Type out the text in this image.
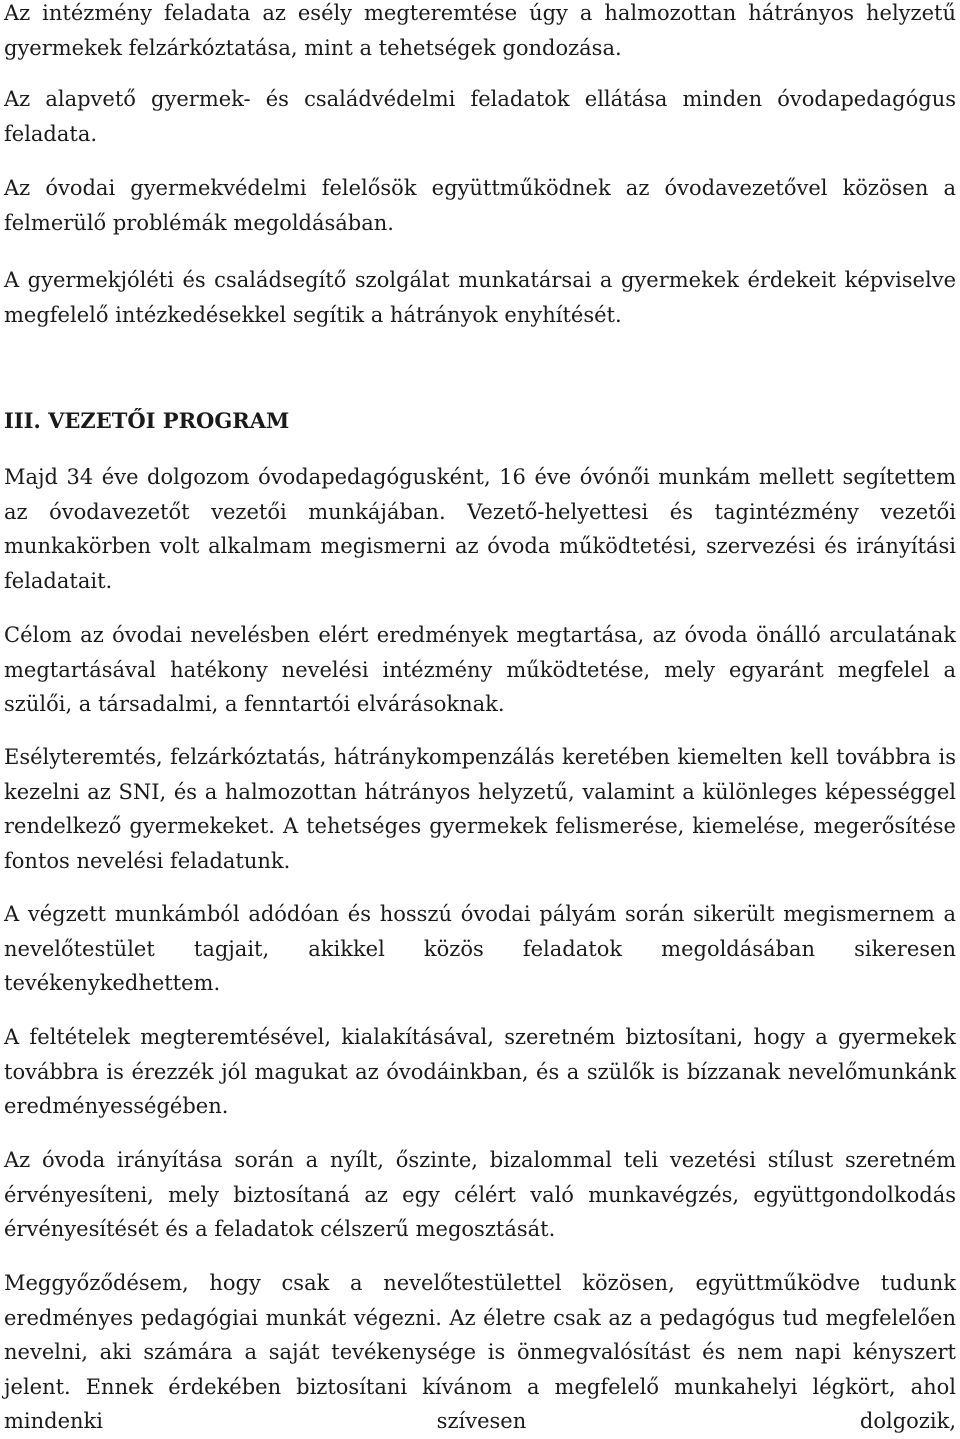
Az intézmény feladata az esély megteremtése úgy a halmozottan hátrányos helyzetű gyermekek felzárkóztatása, mint a tehetségek gondozása.

Az alapvető gyermek- és családvédelmi feladatok ellátása minden óvodapedagógus feladata.

Az óvodai gyermekvédelmi felelősök együttműködnek az óvodavezetővel közösen a felmerülő problémák megoldásában.

A gyermekjóléti és családsegítő szolgálat munkatársai a gyermekek érdekeit képviselve megfelelő intézkedésekkel segítik a hátrányok enyhítését.

III. VEZETŐI PROGRAM

Majd 34 éve dolgozom óvodapedagógusként, 16 éve óvónői munkám mellett segítettem az óvodavezetőt vezetői munkájában. Vezető-helyettesi és tagintézmény vezetői munkakörben volt alkalmam megismerni az óvoda működtetési, szervezési és irányítási feladatait.

Célom az óvodai nevelésben elért eredmények megtartása, az óvoda önálló arculatának megtartásával hatékony nevelési intézmény működtetése, mely egyaránt megfelel a szülői, a társadalmi, a fenntartói elvárásoknak.

Esélyteremtés, felzárkóztatás, hátránykompenzálás keretében kiemelten kell továbbra is kezelni az SNI, és a halmozottan hátrányos helyzetű, valamint a különleges képességgel rendelkező gyermekeket. A tehetséges gyermekek felismerése, kiemelése, megerősítése fontos nevelési feladatunk.

A végzett munkámból adódóan és hosszú óvodai pályám során sikerült megismernem a nevelőtestület tagjait, akikkel közös feladatok megoldásában sikeresen tevékenykedhettem.

A feltételek megteremtésével, kialakításával, szeretném biztosítani, hogy a gyermekek továbbra is érezzék jól magukat az óvodáinkban, és a szülők is bízzanak nevelőmunkánk eredményességében.

Az óvoda irányítása során a nyílt, őszinte, bizalommal teli vezetési stílust szeretném érvényesíteni, mely biztosítaná az egy célért való munkavégzés, együttgondolkodás érvényesítését és a feladatok célszerű megosztását.

Meggyőződésem, hogy csak a nevelőtestülettel közösen, együttműködve tudunk eredményes pedagógiai munkát végezni. Az életre csak az a pedagógus tud megfelelően nevelni, aki számára a saját tevékenysége is önmegvalósítást és nem napi kényszert jelent. Ennek érdekében biztosítani kívánom a megfelelő munkahelyi légkört, ahol mindenki szívesen dolgozik,
